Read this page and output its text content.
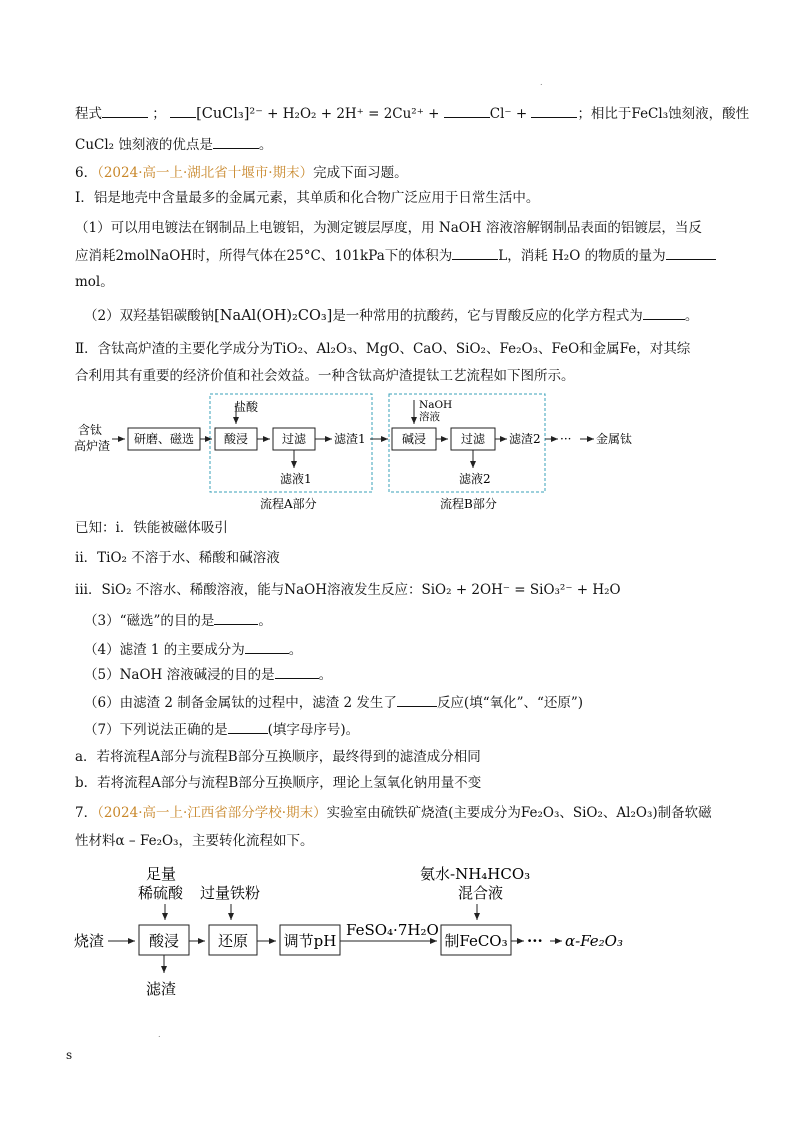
.
程式	； [CuCl₃]²⁻ + H₂O₂ + 2H⁺ = 2Cu²⁺ +	Cl⁻ +	；相比于FeCl₃蚀刻液，酸性
CuCl₂ 蚀刻液的优点是	。
6．（2024·高一上·湖北省十堰市·期末）完成下面习题。
Ⅰ．铝是地壳中含量最多的金属元素，其单质和化合物广泛应用于日常生活中。
（1）可以用电镀法在钢制品上电镀铝，为测定镀层厚度，用 NaOH 溶液溶解钢制品表面的铝镀层，当反
应消耗2molNaOH时，所得气体在25°C、101kPa下的体积为	L，消耗 H₂O 的物质的量为
mol。
（2）双羟基铝碳酸钠[NaAl(OH)₂CO₃]是一种常用的抗酸药，它与胃酸反应的化学方程式为	。
Ⅱ．含钛高炉渣的主要化学成分为TiO₂、Al₂O₃、MgO、CaO、SiO₂、Fe₂O₃、FeO和金属Fe，对其综
合利用其有重要的经济价值和社会效益。一种含钛高炉渣提钛工艺流程如下图所示。
含钛
高炉渣 研磨、磁选
盐酸
酸浸	过滤 滤渣1
滤液1
NaOH
溶液
碱浸	过滤 滤渣2
滤液2
··· 金属钛
流程A部分	流程B部分
已知：i．铁能被磁体吸引
ii．TiO₂ 不溶于水、稀酸和碱溶液
iii．SiO₂ 不溶水、稀酸溶液，能与NaOH溶液发生反应：SiO₂ + 2OH⁻ = SiO₃²⁻ + H₂O
（3）“磁选”的目的是	。
（4）滤渣 1 的主要成分为	。
（5）NaOH 溶液碱浸的目的是	。
（6）由滤渣 2 制备金属钛的过程中，滤渣 2 发生了	反应(填“氧化”、“还原”)
（7）下列说法正确的是	(填字母序号)。
a．若将流程A部分与流程B部分互换顺序，最终得到的滤渣成分相同
b．若将流程A部分与流程B部分互换顺序，理论上氢氧化钠用量不变
7．（2024·高一上·江西省部分学校·期末）实验室由硫铁矿烧渣(主要成分为Fe₂O₃、SiO₂、Al₂O₃)制备软磁
性材料α – Fe₂O₃，主要转化流程如下。
足量
稀硫酸 过量铁粉
氨水-NH₄HCO₃
混合液
烧渣	酸浸	还原 调节pH
FeSO₄·7H₂O
制FeCO₃ ··· α-Fe₂O₃
滤渣
.
s
